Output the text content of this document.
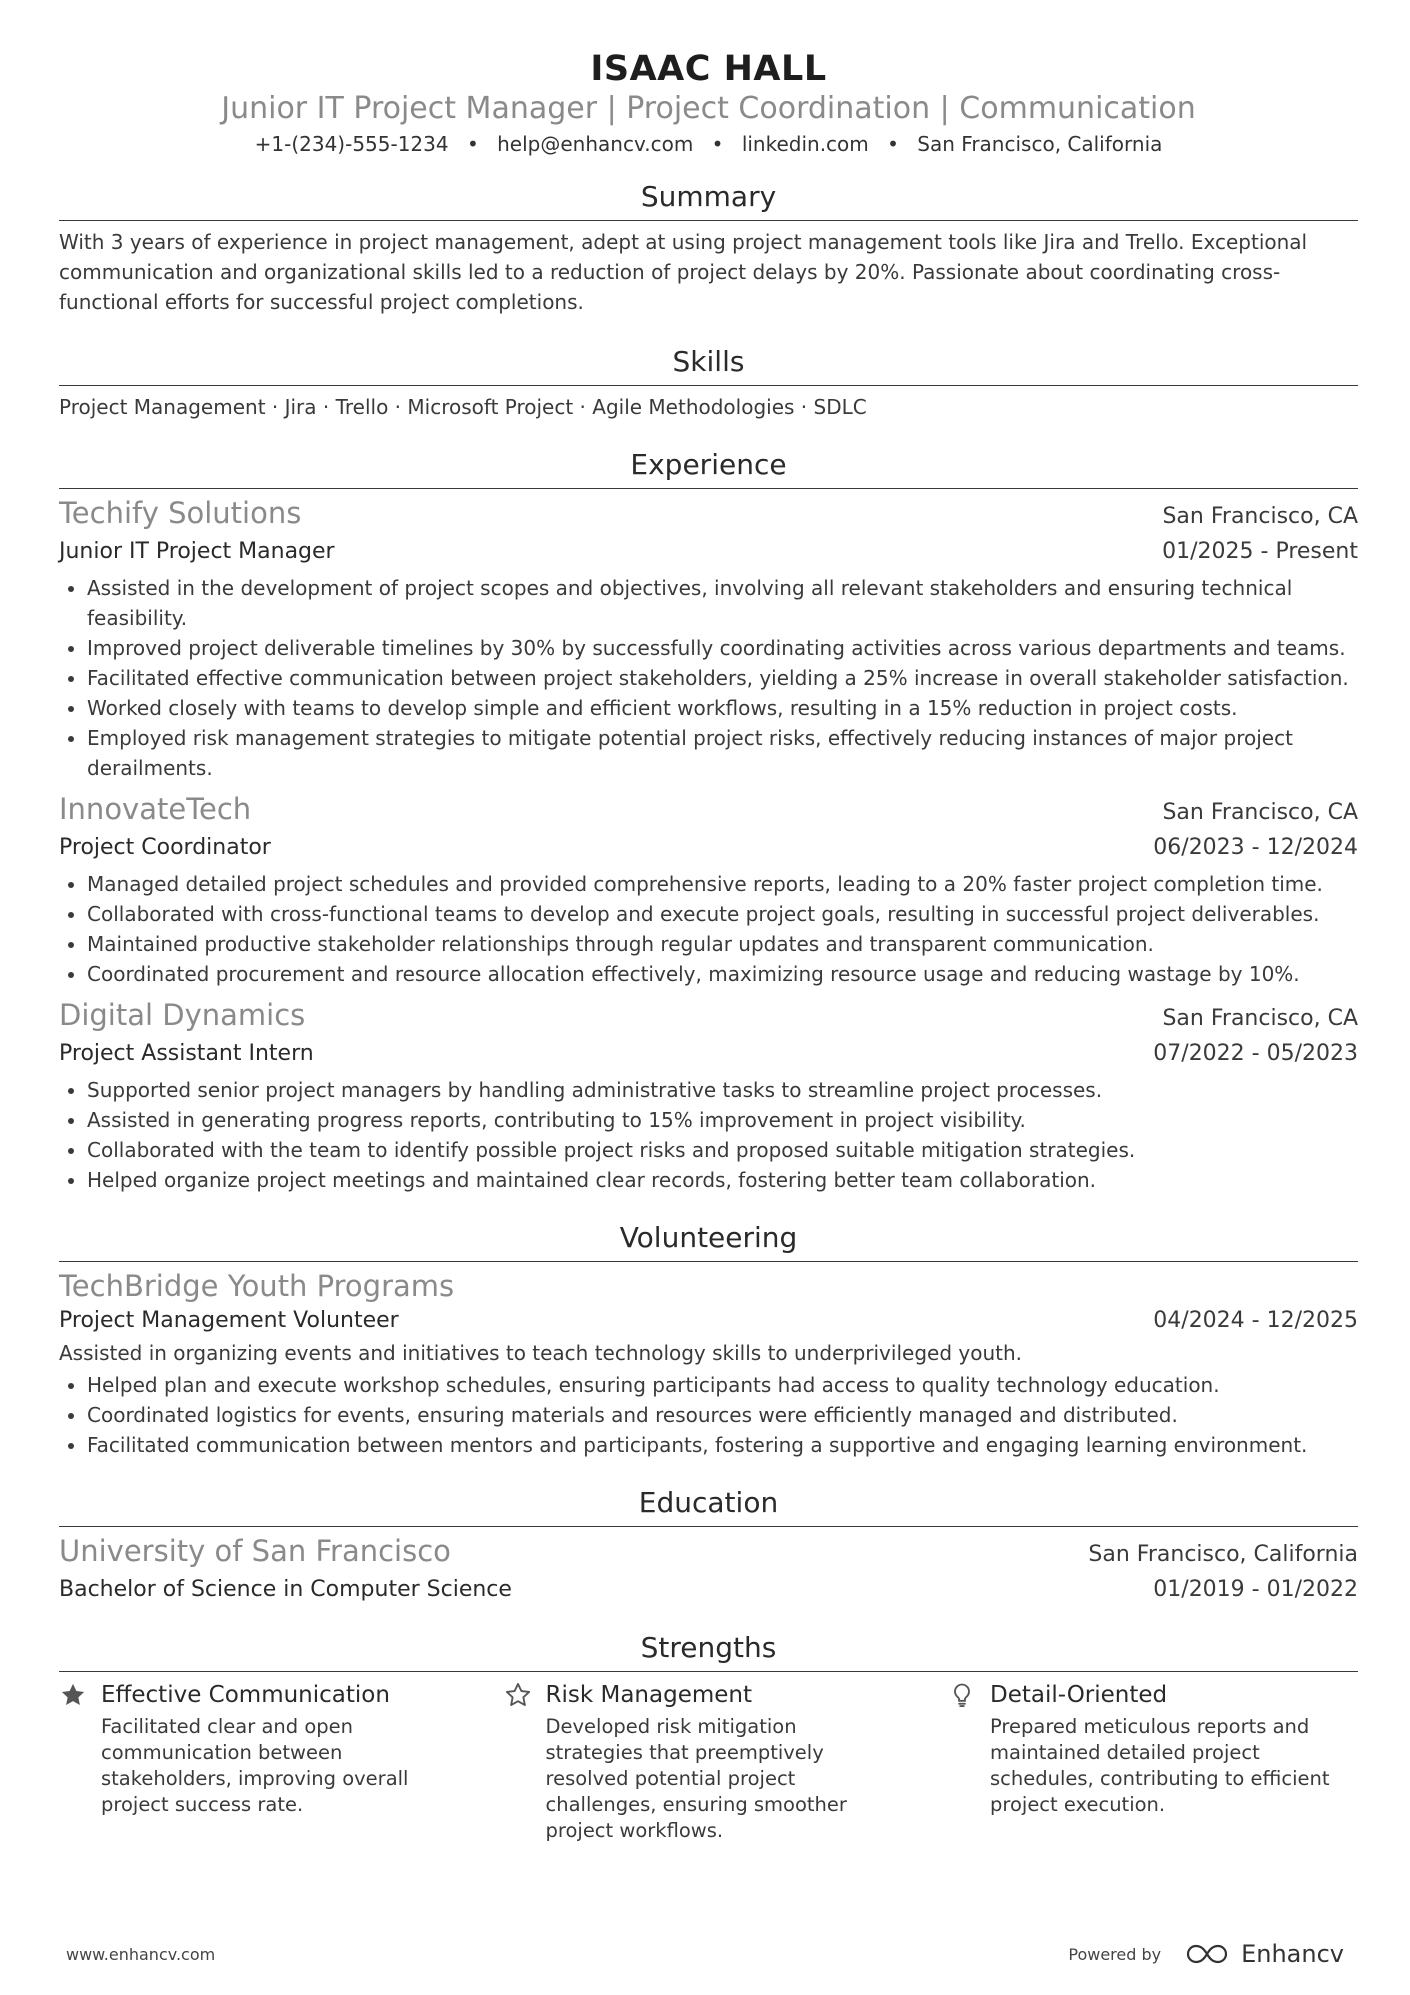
ISAAC HALL
Junior IT Project Manager | Project Coordination | Communication
+1-(234)-555-1234 • help@enhancv.com • linkedin.com • San Francisco, California
Summary
With 3 years of experience in project management, adept at using project management tools like Jira and Trello. Exceptional communication and organizational skills led to a reduction of project delays by 20%. Passionate about coordinating cross-functional efforts for successful project completions.
Skills
Project Management · Jira · Trello · Microsoft Project · Agile Methodologies · SDLC
Experience
Techify Solutions	San Francisco, CA
Junior IT Project Manager	01/2025 - Present
• Assisted in the development of project scopes and objectives, involving all relevant stakeholders and ensuring technical feasibility.
• Improved project deliverable timelines by 30% by successfully coordinating activities across various departments and teams.
• Facilitated effective communication between project stakeholders, yielding a 25% increase in overall stakeholder satisfaction.
• Worked closely with teams to develop simple and efficient workflows, resulting in a 15% reduction in project costs.
• Employed risk management strategies to mitigate potential project risks, effectively reducing instances of major project derailments.
InnovateTech	San Francisco, CA
Project Coordinator	06/2023 - 12/2024
• Managed detailed project schedules and provided comprehensive reports, leading to a 20% faster project completion time.
• Collaborated with cross-functional teams to develop and execute project goals, resulting in successful project deliverables.
• Maintained productive stakeholder relationships through regular updates and transparent communication.
• Coordinated procurement and resource allocation effectively, maximizing resource usage and reducing wastage by 10%.
Digital Dynamics	San Francisco, CA
Project Assistant Intern	07/2022 - 05/2023
• Supported senior project managers by handling administrative tasks to streamline project processes.
• Assisted in generating progress reports, contributing to 15% improvement in project visibility.
• Collaborated with the team to identify possible project risks and proposed suitable mitigation strategies.
• Helped organize project meetings and maintained clear records, fostering better team collaboration.
Volunteering
TechBridge Youth Programs
Project Management Volunteer	04/2024 - 12/2025
Assisted in organizing events and initiatives to teach technology skills to underprivileged youth.
• Helped plan and execute workshop schedules, ensuring participants had access to quality technology education.
• Coordinated logistics for events, ensuring materials and resources were efficiently managed and distributed.
• Facilitated communication between mentors and participants, fostering a supportive and engaging learning environment.
Education
University of San Francisco	San Francisco, California
Bachelor of Science in Computer Science	01/2019 - 01/2022
Strengths
Effective Communication
Facilitated clear and open communication between stakeholders, improving overall project success rate.
Risk Management
Developed risk mitigation strategies that preemptively resolved potential project challenges, ensuring smoother project workflows.
Detail-Oriented
Prepared meticulous reports and maintained detailed project schedules, contributing to efficient project execution.
www.enhancv.com	Powered by	Enhancv
